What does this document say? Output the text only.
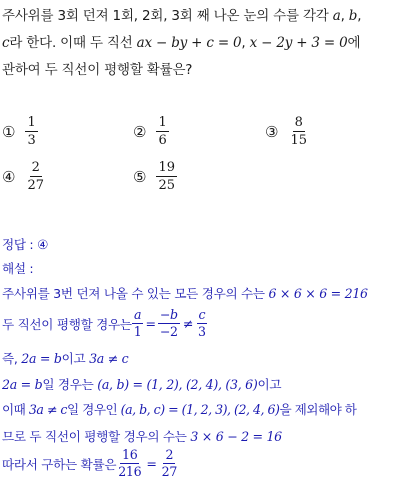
주사위를 3회 던져 1회, 2회, 3회 째 나온 눈의 수를 각각 a, b,
c라 한다. 이때 두 직선 ax − by + c = 0, x − 2y + 3 = 0에
관하여 두 직선이 평행할 확률은?
① $\frac{1}{3}$	② $\frac{1}{6}$	③ $\frac{8}{15}$
④ $\frac{2}{27}$	⑤ $\frac{19}{25}$
정답 : ④
해설 :
주사위를 3번 던져 나올 수 있는 모든 경우의 수는 6 × 6 × 6 = 216
두 직선이 평행할 경우는 $\frac{a}{1} = \frac{-b}{-2} \ne \frac{c}{3}$
즉, 2a = b이고 3a ≠ c
2a = b일 경우는 (a, b) = (1, 2), (2, 4), (3, 6)이고
이때 3a ≠ c일 경우인 (a, b, c) = (1, 2, 3), (2, 4, 6)을 제외해야 하
므로 두 직선이 평행할 경우의 수는 3 × 6 − 2 = 16
따라서 구하는 확률은 $\frac{16}{216} = \frac{2}{27}$
